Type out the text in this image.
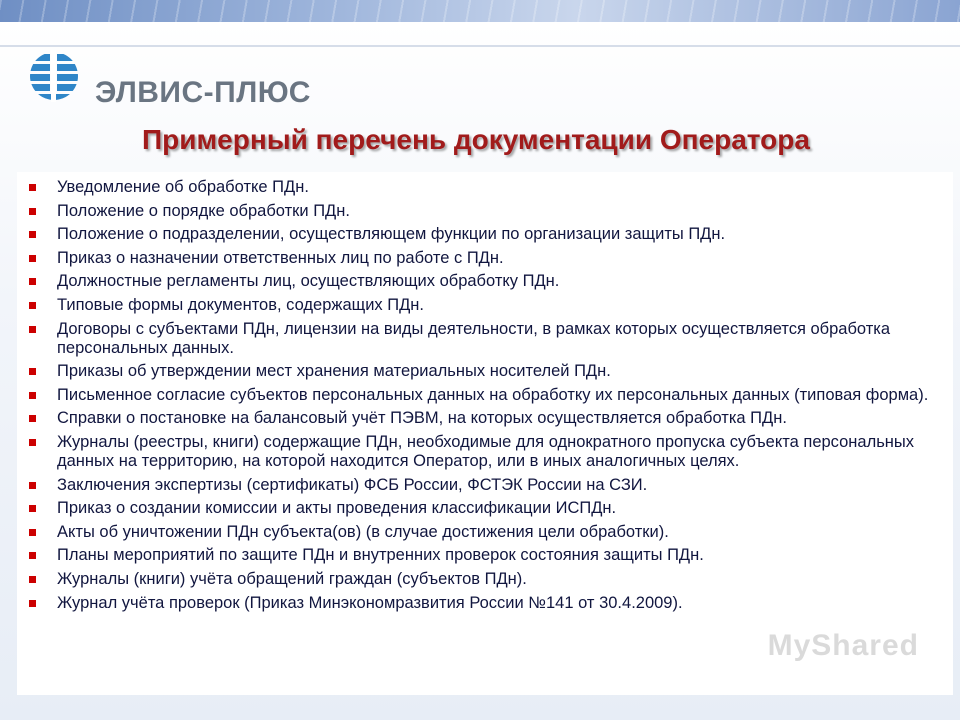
ЭЛВИС-ПЛЮС
Примерный перечень документации Оператора
Уведомление об обработке ПДн.
Положение о порядке обработки ПДн.
Положение о подразделении, осуществляющем функции по организации защиты ПДн.
Приказ о назначении ответственных лиц по работе с ПДн.
Должностные регламенты лиц, осуществляющих обработку ПДн.
Типовые формы документов, содержащих ПДн.
Договоры с субъектами ПДн, лицензии на виды деятельности, в рамках которых осуществляется обработка персональных данных.
Приказы об утверждении мест хранения материальных носителей ПДн.
Письменное согласие субъектов персональных данных на обработку их персональных данных (типовая форма).
Справки о постановке на балансовый учёт ПЭВМ, на которых осуществляется обработка ПДн.
Журналы (реестры, книги) содержащие ПДн, необходимые для однократного пропуска субъекта персональных данных на территорию, на которой находится Оператор, или в иных аналогичных целях.
Заключения экспертизы (сертификаты) ФСБ России, ФСТЭК России на СЗИ.
Приказ о создании комиссии и акты проведения классификации ИСПДн.
Акты об уничтожении ПДн субъекта(ов) (в случае достижения цели обработки).
Планы мероприятий по защите ПДн и внутренних проверок состояния защиты ПДн.
Журналы (книги) учёта обращений граждан (субъектов ПДн).
Журнал учёта проверок (Приказ Минэкономразвития России №141 от 30.4.2009).
MyShared
